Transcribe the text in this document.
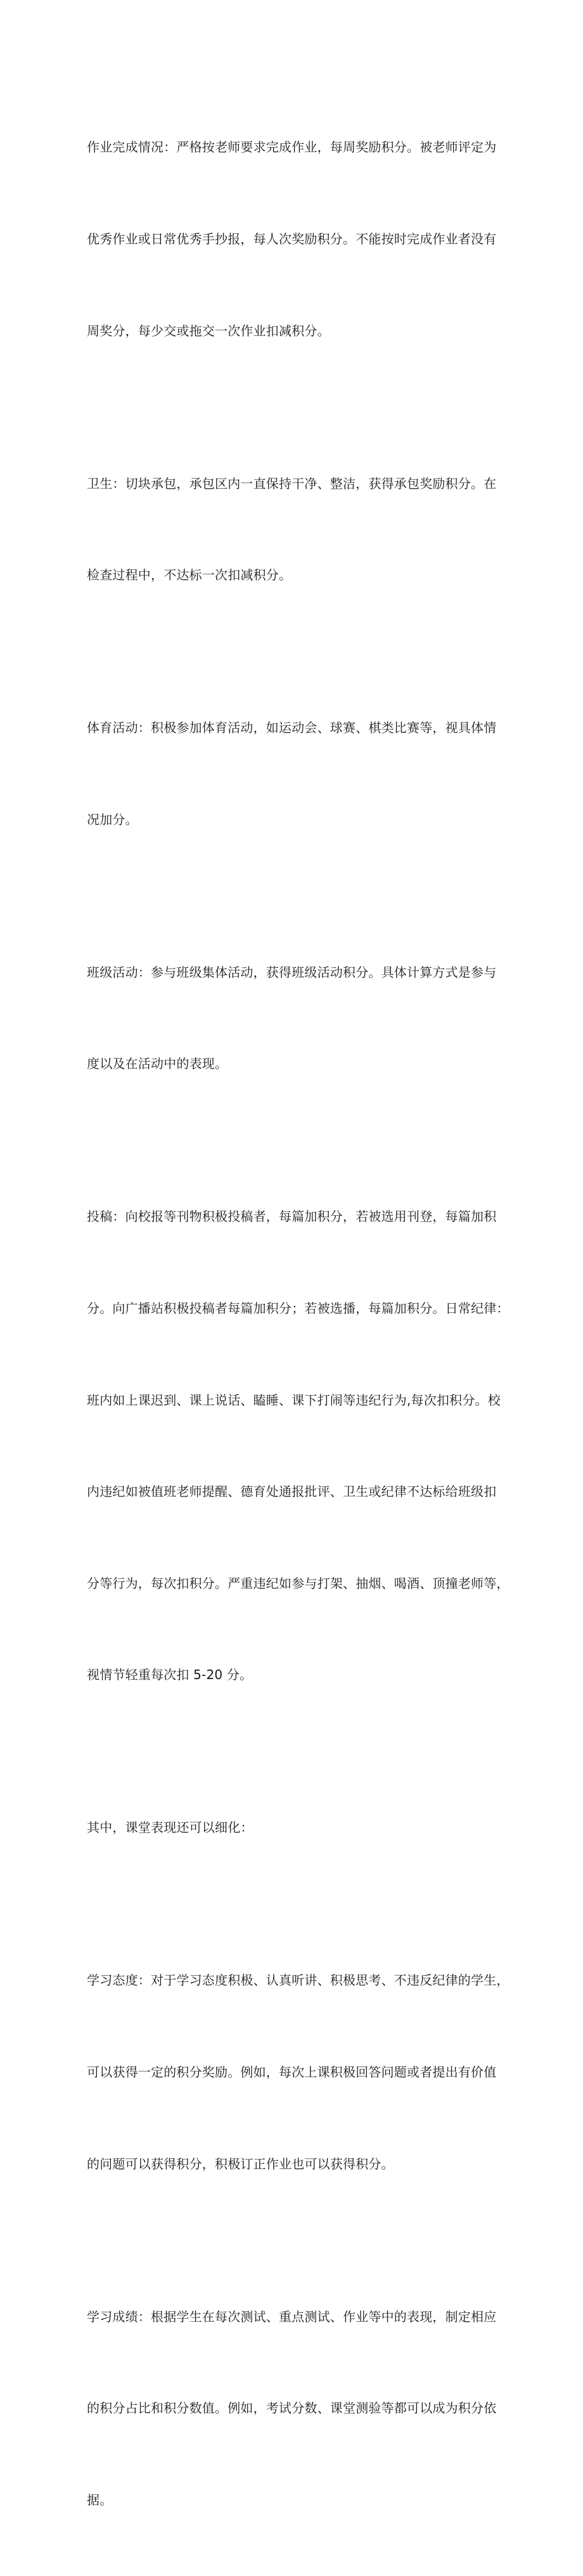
作业完成情况：严格按老师要求完成作业，每周奖励积分。被老师评定为

优秀作业或日常优秀手抄报，每人次奖励积分。不能按时完成作业者没有

周奖分，每少交或拖交一次作业扣减积分。

卫生：切块承包，承包区内一直保持干净、整洁，获得承包奖励积分。在

检查过程中，不达标一次扣减积分。

体育活动：积极参加体育活动，如运动会、球赛、棋类比赛等，视具体情

况加分。

班级活动：参与班级集体活动，获得班级活动积分。具体计算方式是参与

度以及在活动中的表现。

投稿：向校报等刊物积极投稿者，每篇加积分，若被选用刊登，每篇加积

分。向广播站积极投稿者每篇加积分；若被选播，每篇加积分。日常纪律：

班内如上课迟到、课上说话、瞌睡、课下打闹等违纪行为,每次扣积分。校

内违纪如被值班老师提醒、德育处通报批评、卫生或纪律不达标给班级扣

分等行为，每次扣积分。严重违纪如参与打架、抽烟、喝酒、顶撞老师等，

视情节轻重每次扣 5-20 分。

其中，课堂表现还可以细化：

学习态度：对于学习态度积极、认真听讲、积极思考、不违反纪律的学生，

可以获得一定的积分奖励。例如，每次上课积极回答问题或者提出有价值

的问题可以获得积分，积极订正作业也可以获得积分。

学习成绩：根据学生在每次测试、重点测试、作业等中的表现，制定相应

的积分占比和积分数值。例如，考试分数、课堂测验等都可以成为积分依

据。
